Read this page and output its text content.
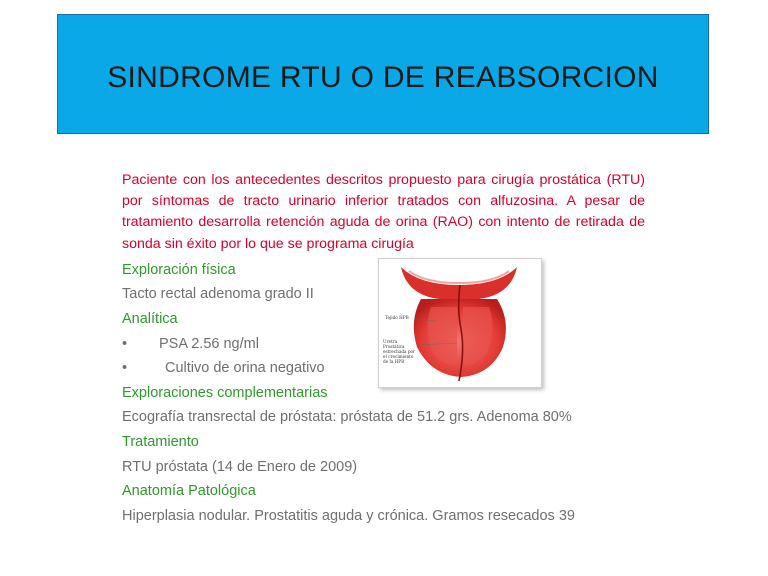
SINDROME RTU O DE REABSORCION
Paciente con los antecedentes descritos propuesto para cirugía prostática (RTU) por síntomas de tracto urinario inferior tratados con alfuzosina. A pesar de tratamiento desarrolla retención aguda de orina (RAO) con intento de retirada de sonda sin éxito por lo que se programa cirugía
Exploración física
Tacto rectal adenoma grado II
Analítica
•	PSA 2.56 ng/ml
•	Cultivo de orina negativo
Exploraciones complementarias
Ecografía transrectal de próstata: próstata de 51.2 grs. Adenoma 80%
Tratamiento
RTU próstata (14 de Enero de 2009)
Anatomía Patológica
Hiperplasia nodular. Prostatitis aguda y crónica. Gramos resecados 39
Tejido HPB
Uretra Prostática estrechada por el crecimiento de la HPB
